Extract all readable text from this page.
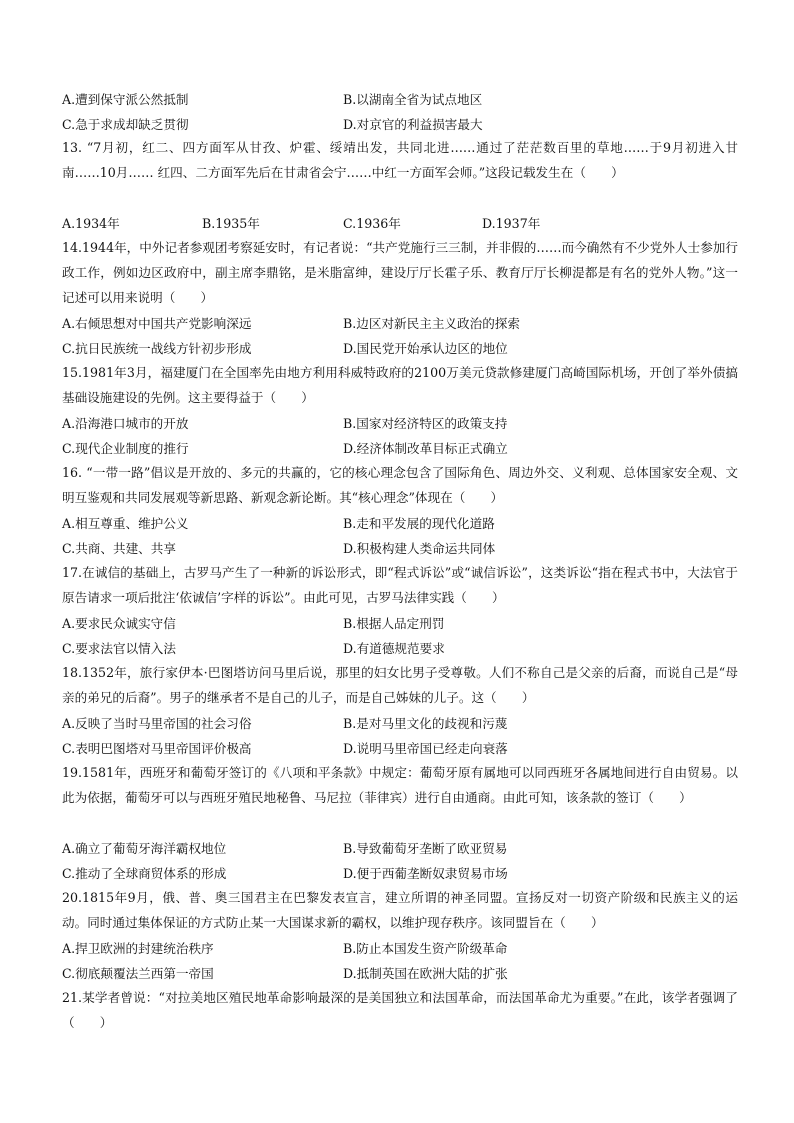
A.遭到保守派公然抵制	B.以湖南全省为试点地区
C.急于求成却缺乏贯彻	D.对京官的利益损害最大
13. “7月初，红二、四方面军从甘孜、炉霍、绥靖出发，共同北进……通过了茫茫数百里的草地……于9月初进入甘南……10月…… 红四、二方面军先后在甘肃省会宁……中红一方面军会师。”这段记载发生在（　　）
A.1934年	B.1935年	C.1936年	D.1937年
14.1944年，中外记者参观团考察延安时，有记者说：“共产党施行三三制，并非假的……而今确然有不少党外人士参加行政工作，例如边区政府中，副主席李鼎铭，是米脂富绅，建设厅厅长霍子乐、教育厅厅长柳湜都是有名的党外人物。”这一记述可以用来说明（　　）
A.右倾思想对中国共产党影响深远	B.边区对新民主主义政治的探索
C.抗日民族统一战线方针初步形成	D.国民党开始承认边区的地位
15.1981年3月，福建厦门在全国率先由地方利用科威特政府的2100万美元贷款修建厦门高崎国际机场，开创了举外债搞基础设施建设的先例。这主要得益于（　　）
A.沿海港口城市的开放	B.国家对经济特区的政策支持
C.现代企业制度的推行	D.经济体制改革目标正式确立
16. “一带一路”倡议是开放的、多元的共赢的，它的核心理念包含了国际角色、周边外交、义利观、总体国家安全观、文明互鉴观和共同发展观等新思路、新观念新论断。其“核心理念”体现在（　　）
A.相互尊重、维护公义	B.走和平发展的现代化道路
C.共商、共建、共享	D.积极构建人类命运共同体
17.在诚信的基础上，古罗马产生了一种新的诉讼形式，即“程式诉讼”或“诚信诉讼”，这类诉讼“指在程式书中，大法官于原告请求一项后批注‘依诚信’字样的诉讼”。由此可见，古罗马法律实践（　　）
A.要求民众诚实守信	B.根据人品定刑罚
C.要求法官以情入法	D.有道德规范要求
18.1352年，旅行家伊本·巴图塔访问马里后说，那里的妇女比男子受尊敬。人们不称自己是父亲的后裔，而说自己是“母亲的弟兄的后裔”。男子的继承者不是自己的儿子，而是自己姊妹的儿子。这（　　）
A.反映了当时马里帝国的社会习俗	B.是对马里文化的歧视和污蔑
C.表明巴图塔对马里帝国评价极高	D.说明马里帝国已经走向衰落
19.1581年，西班牙和葡萄牙签订的《八项和平条款》中规定：葡萄牙原有属地可以同西班牙各属地间进行自由贸易。以此为依据，葡萄牙可以与西班牙殖民地秘鲁、马尼拉（菲律宾）进行自由通商。由此可知，该条款的签订（　　）
A.确立了葡萄牙海洋霸权地位	B.导致葡萄牙垄断了欧亚贸易
C.推动了全球商贸体系的形成	D.便于西葡垄断奴隶贸易市场
20.1815年9月，俄、普、奥三国君主在巴黎发表宣言，建立所谓的神圣同盟。宣扬反对一切资产阶级和民族主义的运动。同时通过集体保证的方式防止某一大国谋求新的霸权，以维护现存秩序。该同盟旨在（　　）
A.捍卫欧洲的封建统治秩序	B.防止本国发生资产阶级革命
C.彻底颠覆法兰西第一帝国	D.抵制英国在欧洲大陆的扩张
21.某学者曾说：“对拉美地区殖民地革命影响最深的是美国独立和法国革命，而法国革命尤为重要。”在此，该学者强调了（　　）
